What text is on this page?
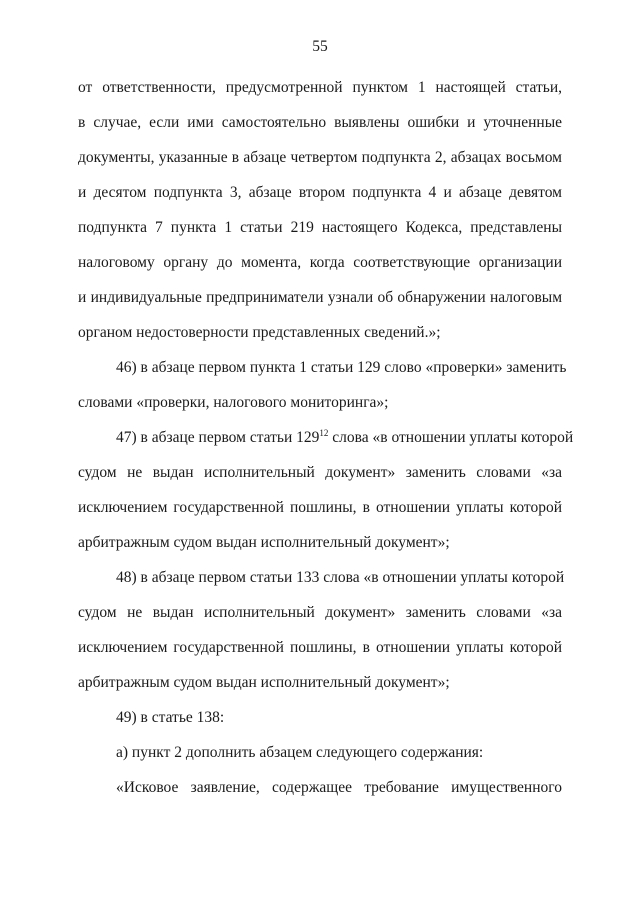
55
от ответственности, предусмотренной пунктом 1 настоящей статьи,
в случае, если ими самостоятельно выявлены ошибки и уточненные
документы, указанные в абзаце четвертом подпункта 2, абзацах восьмом
и десятом подпункта 3, абзаце втором подпункта 4 и абзаце девятом
подпункта 7 пункта 1 статьи 219 настоящего Кодекса, представлены
налоговому органу до момента, когда соответствующие организации
и индивидуальные предприниматели узнали об обнаружении налоговым
органом недостоверности представленных сведений.»;
46) в абзаце первом пункта 1 статьи 129 слово «проверки» заменить
словами «проверки, налогового мониторинга»;
47) в абзаце первом статьи $129^{12}$ слова «в отношении уплаты которой
судом не выдан исполнительный документ» заменить словами «за
исключением государственной пошлины, в отношении уплаты которой
арбитражным судом выдан исполнительный документ»;
48) в абзаце первом статьи 133 слова «в отношении уплаты которой
судом не выдан исполнительный документ» заменить словами «за
исключением государственной пошлины, в отношении уплаты которой
арбитражным судом выдан исполнительный документ»;
49) в статье 138:
а) пункт 2 дополнить абзацем следующего содержания:
«Исковое заявление, содержащее требование имущественного
